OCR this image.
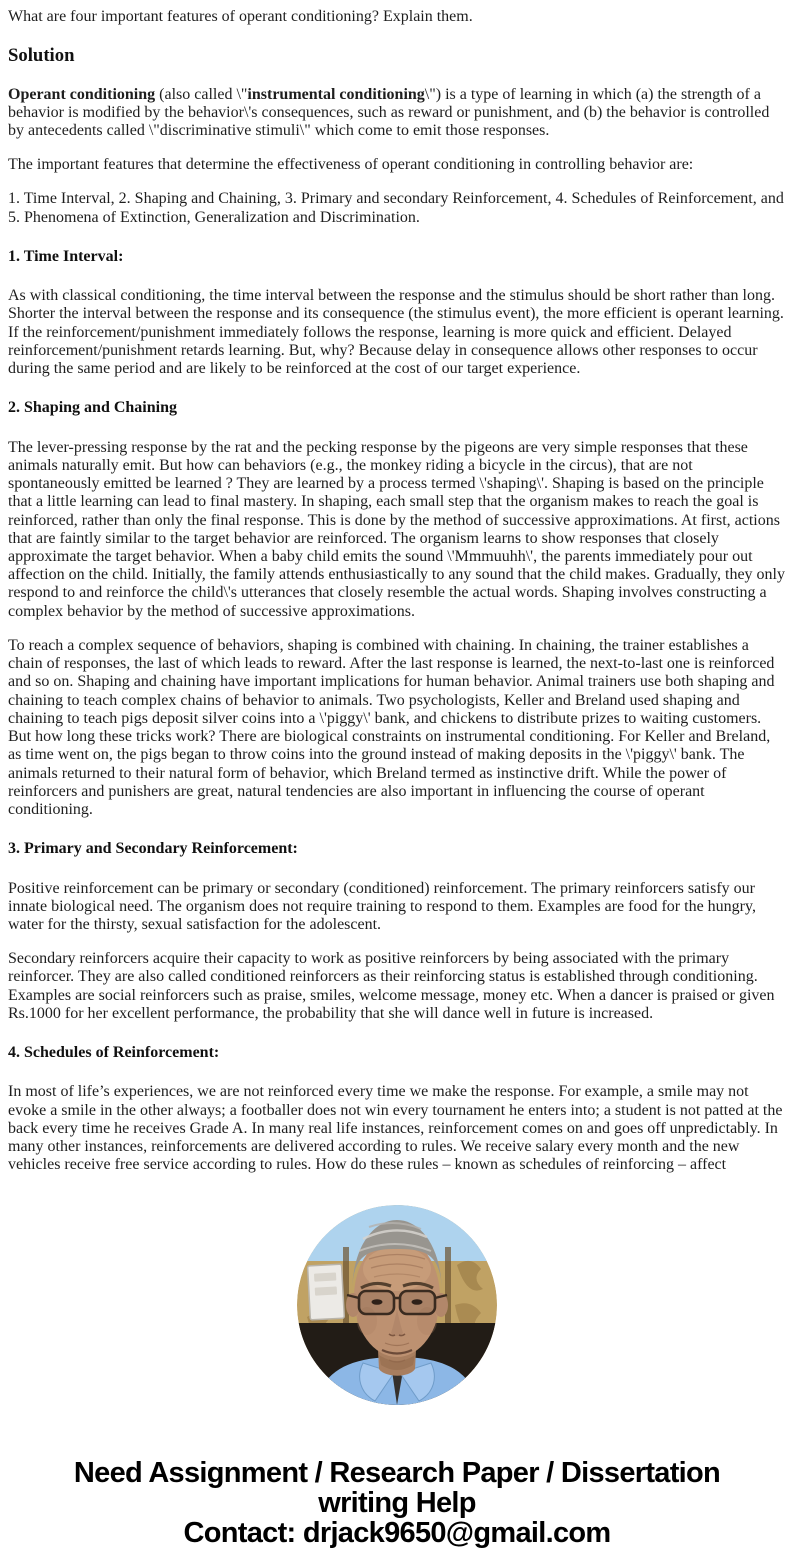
What are four important features of operant conditioning? Explain them.

Solution

Operant conditioning (also called \"instrumental conditioning\") is a type of learning in which (a) the strength of a behavior is modified by the behavior\'s consequences, such as reward or punishment, and (b) the behavior is controlled by antecedents called \"discriminative stimuli\" which come to emit those responses.

The important features that determine the effectiveness of operant conditioning in controlling behavior are:

1. Time Interval, 2. Shaping and Chaining, 3. Primary and secondary Reinforcement, 4. Schedules of Reinforcement, and 5. Phenomena of Extinction, Generalization and Discrimination.

1. Time Interval:

As with classical conditioning, the time interval between the response and the stimulus should be short rather than long. Shorter the interval between the response and its consequence (the stimulus event), the more efficient is operant learning. If the reinforcement/punishment immediately follows the response, learning is more quick and efficient. Delayed reinforcement/punishment retards learning. But, why? Because delay in consequence allows other responses to occur during the same period and are likely to be reinforced at the cost of our target experience.

2. Shaping and Chaining

The lever-pressing response by the rat and the pecking response by the pigeons are very simple responses that these animals naturally emit. But how can behaviors (e.g., the monkey riding a bicycle in the circus), that are not spontaneously emitted be learned ? They are learned by a process termed \'shaping\'. Shaping is based on the principle that a little learning can lead to final mastery. In shaping, each small step that the organism makes to reach the goal is reinforced, rather than only the final response. This is done by the method of successive approximations. At first, actions that are faintly similar to the target behavior are reinforced. The organism learns to show responses that closely approximate the target behavior. When a baby child emits the sound \'Mmmuuhh\', the parents immediately pour out affection on the child. Initially, the family attends enthusiastically to any sound that the child makes. Gradually, they only respond to and reinforce the child\'s utterances that closely resemble the actual words. Shaping involves constructing a complex behavior by the method of successive approximations.

To reach a complex sequence of behaviors, shaping is combined with chaining. In chaining, the trainer establishes a chain of responses, the last of which leads to reward. After the last response is learned, the next-to-last one is reinforced and so on. Shaping and chaining have important implications for human behavior. Animal trainers use both shaping and chaining to teach complex chains of behavior to animals. Two psychologists, Keller and Breland used shaping and chaining to teach pigs deposit silver coins into a \'piggy\' bank, and chickens to distribute prizes to waiting customers. But how long these tricks work? There are biological constraints on instrumental conditioning. For Keller and Breland, as time went on, the pigs began to throw coins into the ground instead of making deposits in the \'piggy\' bank. The animals returned to their natural form of behavior, which Breland termed as instinctive drift. While the power of reinforcers and punishers are great, natural tendencies are also important in influencing the course of operant conditioning.

3. Primary and Secondary Reinforcement:

Positive reinforcement can be primary or secondary (conditioned) reinforcement. The primary reinforcers satisfy our innate biological need. The organism does not require training to respond to them. Examples are food for the hungry, water for the thirsty, sexual satisfaction for the adolescent.

Secondary reinforcers acquire their capacity to work as positive reinforcers by being associated with the primary reinforcer. They are also called conditioned reinforcers as their reinforcing status is established through conditioning. Examples are social reinforcers such as praise, smiles, welcome message, money etc. When a dancer is praised or given Rs.1000 for her excellent performance, the probability that she will dance well in future is increased.

4. Schedules of Reinforcement:

In most of life’s experiences, we are not reinforced every time we make the response. For example, a smile may not evoke a smile in the other always; a footballer does not win every tournament he enters into; a student is not patted at the back every time he receives Grade A. In many real life instances, reinforcement comes on and goes off unpredictably. In many other instances, reinforcements are delivered according to rules. We receive salary every month and the new vehicles receive free service according to rules. How do these rules – known as schedules of reinforcing – affect

Need Assignment / Research Paper / Dissertation
writing Help
Contact: drjack9650@gmail.com
